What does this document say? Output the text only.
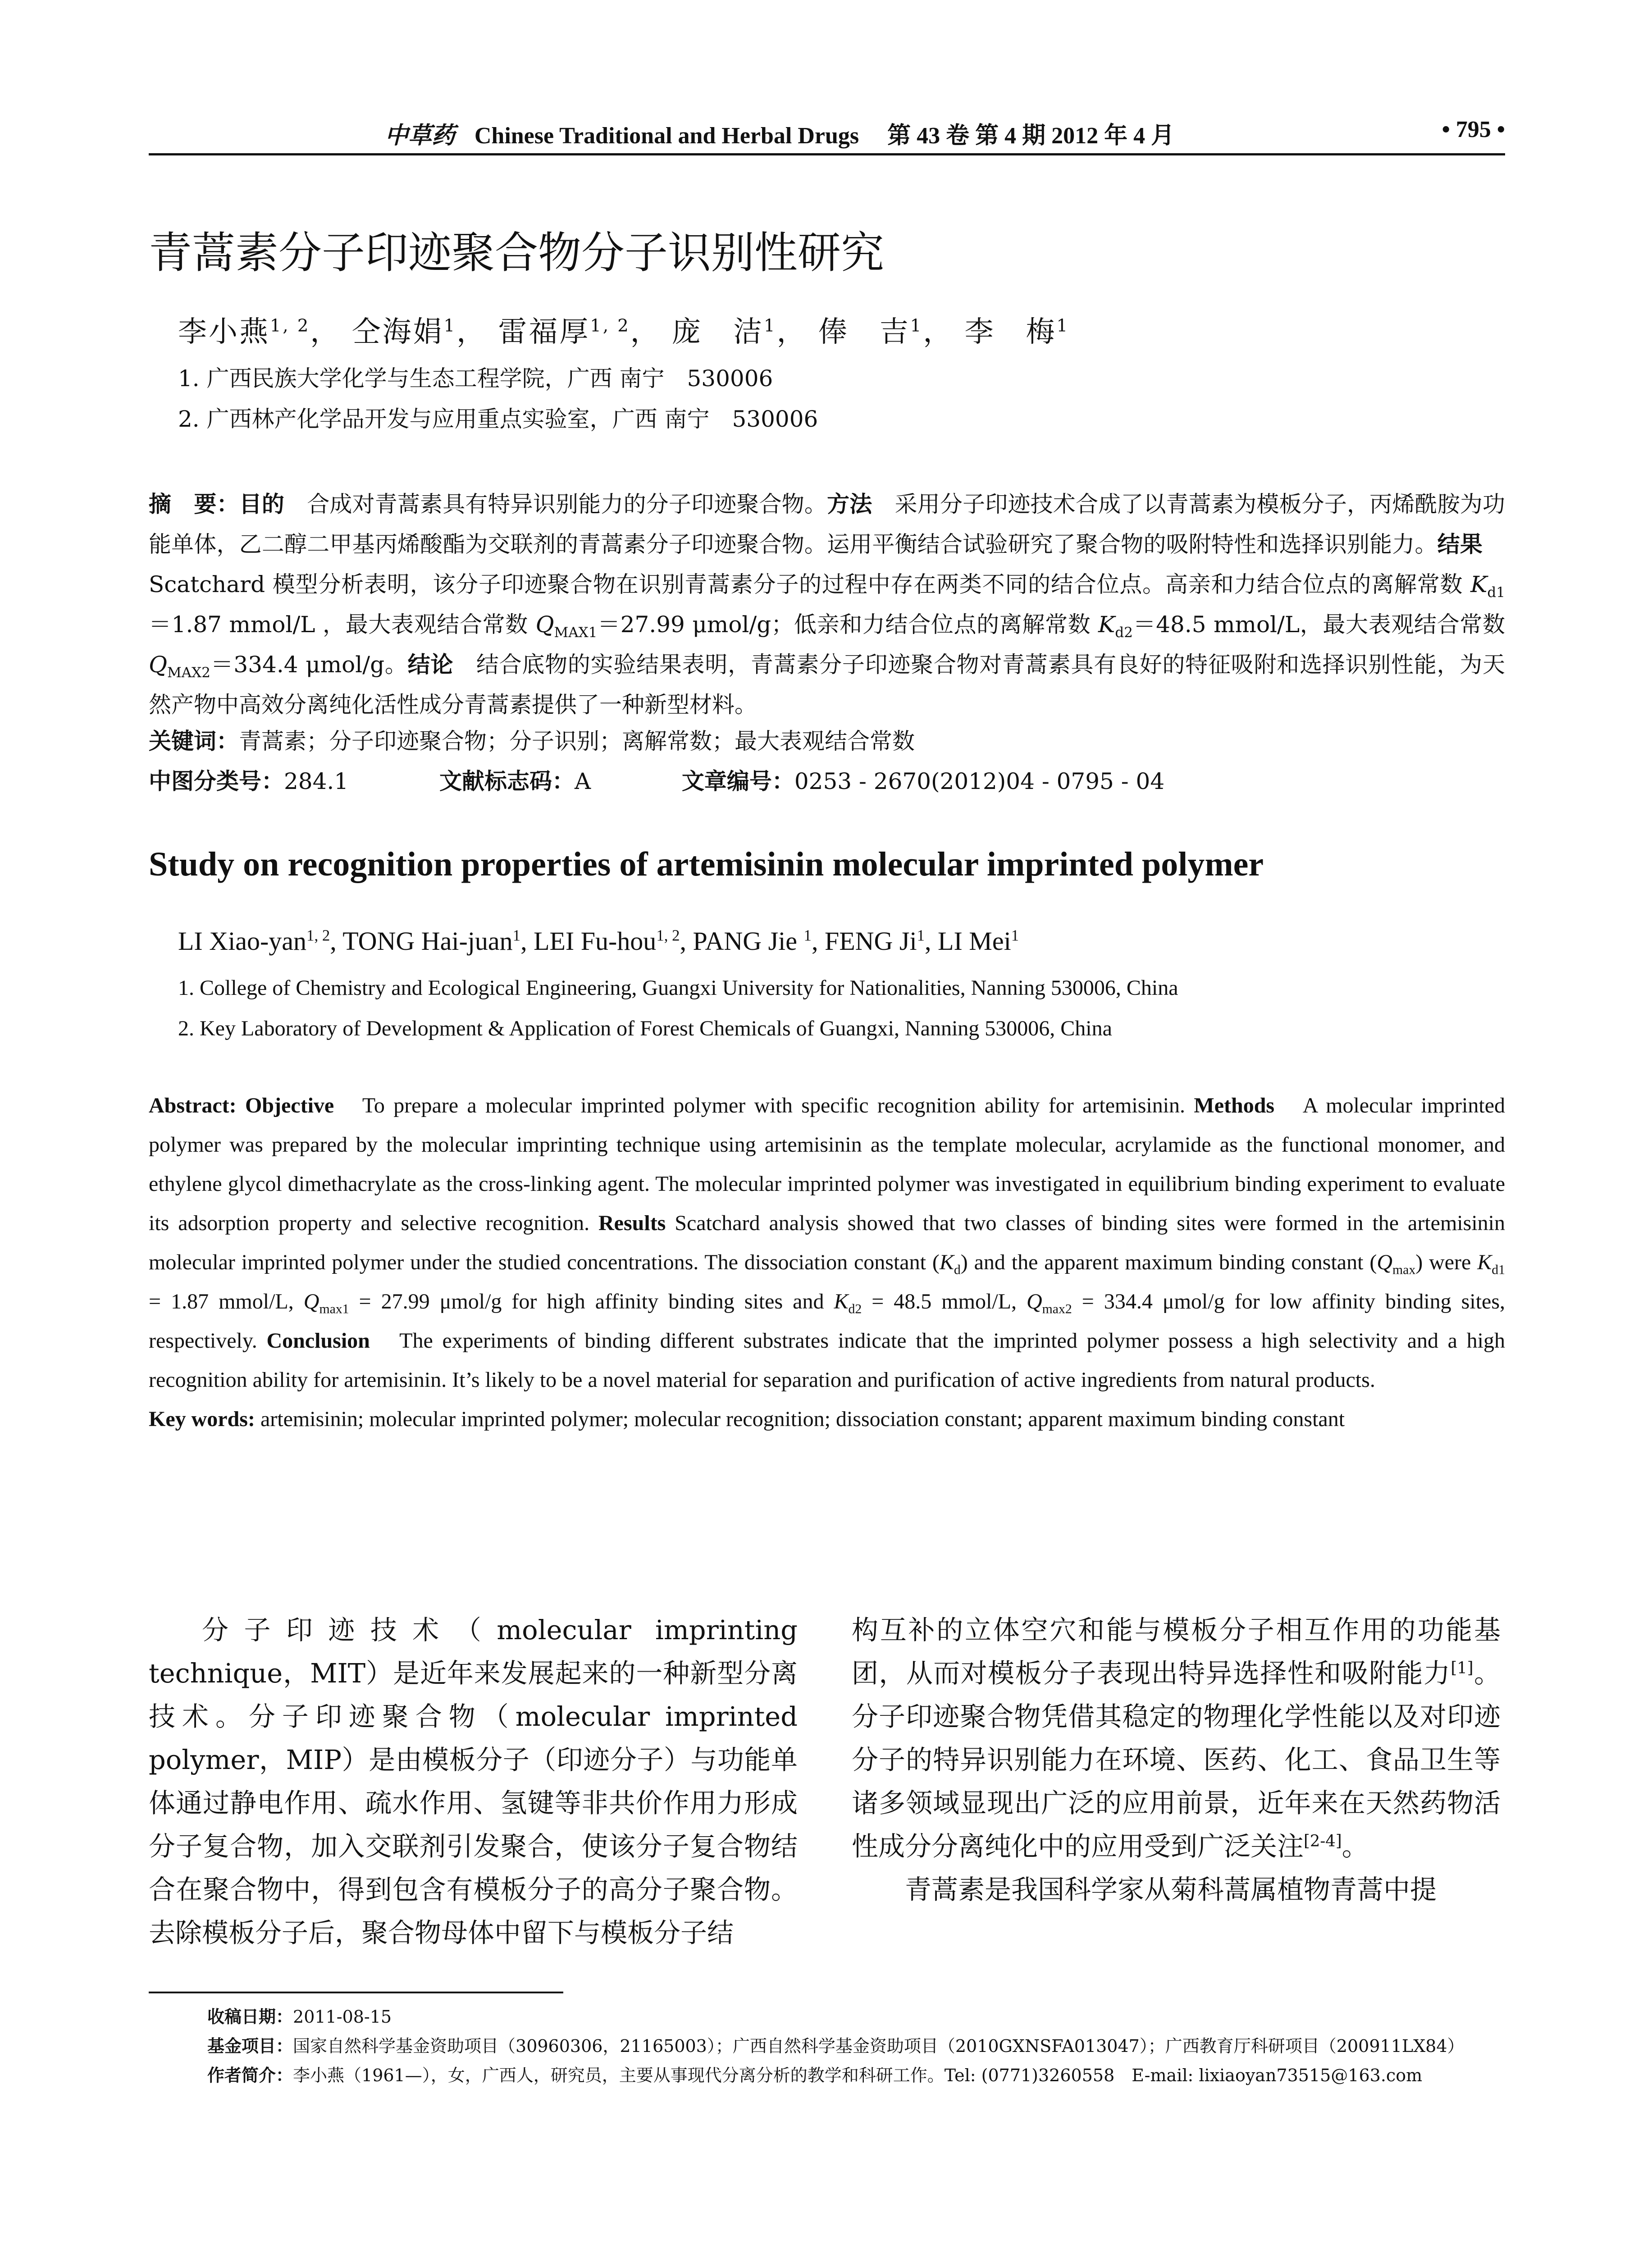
中草药 Chinese Traditional and Herbal Drugs 第 43 卷 第 4 期 2012 年 4 月	• 795 •
青蒿素分子印迹聚合物分子识别性研究
李小燕$^{1, 2}$， 仝海娟$^1$， 雷福厚$^{1, 2}$， 庞　洁$^1$， 俸　吉$^1$， 李　梅$^1$
1. 广西民族大学化学与生态工程学院，广西 南宁　530006
2. 广西林产化学品开发与应用重点实验室，广西 南宁　530006

摘　要：目的　合成对青蒿素具有特异识别能力的分子印迹聚合物。方法　采用分子印迹技术合成了以青蒿素为模板分子，丙烯酰胺为功能单体，乙二醇二甲基丙烯酸酯为交联剂的青蒿素分子印迹聚合物。运用平衡结合试验研究了聚合物的吸附特性和选择识别能力。结果　Scatchard 模型分析表明，该分子印迹聚合物在识别青蒿素分子的过程中存在两类不同的结合位点。高亲和力结合位点的离解常数 $K_{d1}=1.87$ mmol/L ，最大表观结合常数 $Q_{MAX1}=27.99$ μmol/g；低亲和力结合位点的离解常数 $K_{d2}=48.5$ mmol/L，最大表观结合常数 $Q_{MAX2}=334.4$ μmol/g。结论　结合底物的实验结果表明，青蒿素分子印迹聚合物对青蒿素具有良好的特征吸附和选择识别性能，为天然产物中高效分离纯化活性成分青蒿素提供了一种新型材料。

关键词：青蒿素；分子印迹聚合物；分子识别；离解常数；最大表观结合常数
中图分类号：284.1	文献标志码：A	文章编号：0253 - 2670(2012)04 - 0795 - 04
Study on recognition properties of artemisinin molecular imprinted polymer
LI Xiao-yan$^{1, 2}$, TONG Hai-juan$^1$, LEI Fu-hou$^{1, 2}$, PANG Jie $^1$, FENG Ji$^1$, LI Mei$^1$
1. College of Chemistry and Ecological Engineering, Guangxi University for Nationalities, Nanning 530006, China
2. Key Laboratory of Development & Application of Forest Chemicals of Guangxi, Nanning 530006, China

Abstract: Objective　To prepare a molecular imprinted polymer with specific recognition ability for artemisinin. Methods　A molecular imprinted polymer was prepared by the molecular imprinting technique using artemisinin as the template molecular, acrylamide as the functional monomer, and ethylene glycol dimethacrylate as the cross-linking agent. The molecular imprinted polymer was investigated in equilibrium binding experiment to evaluate its adsorption property and selective recognition. Results Scatchard analysis showed that two classes of binding sites were formed in the artemisinin molecular imprinted polymer under the studied concentrations. The dissociation constant $(K_d)$ and the apparent maximum binding constant $(Q_{max})$ were $K_{d1} = 1.87$ mmol/L, $Q_{max1} = 27.99$ μmol/g for high affinity binding sites and $K_{d2} = 48.5$ mmol/L, $Q_{max2} = 334.4$ μmol/g for low affinity binding sites, respectively. Conclusion　The experiments of binding different substrates indicate that the imprinted polymer possess a high selectivity and a high recognition ability for artemisinin. It’s likely to be a novel material for separation and purification of active ingredients from natural products.

Key words: artemisinin; molecular imprinted polymer; molecular recognition; dissociation constant; apparent maximum binding constant

分子印迹技术（molecular imprinting technique，MIT）是近年来发展起来的一种新型分离技术。分子印迹聚合物（molecular imprinted polymer，MIP）是由模板分子（印迹分子）与功能单体通过静电作用、疏水作用、氢键等非共价作用力形成分子复合物，加入交联剂引发聚合，使该分子复合物结合在聚合物中，得到包含有模板分子的高分子聚合物。去除模板分子后，聚合物母体中留下与模板分子结

构互补的立体空穴和能与模板分子相互作用的功能基团，从而对模板分子表现出特异选择性和吸附能力[1]。分子印迹聚合物凭借其稳定的物理化学性能以及对印迹分子的特异识别能力在环境、医药、化工、食品卫生等诸多领域显现出广泛的应用前景，近年来在天然药物活性成分分离纯化中的应用受到广泛关注[2-4]。

青蒿素是我国科学家从菊科蒿属植物青蒿中提

收稿日期：2011-08-15
基金项目：国家自然科学基金资助项目（30960306，21165003）；广西自然科学基金资助项目（2010GXNSFA013047）；广西教育厅科研项目（200911LX84）
作者简介：李小燕（1961—），女，广西人，研究员，主要从事现代分离分析的教学和科研工作。Tel: (0771)3260558　E-mail: lixiaoyan73515@163.com
